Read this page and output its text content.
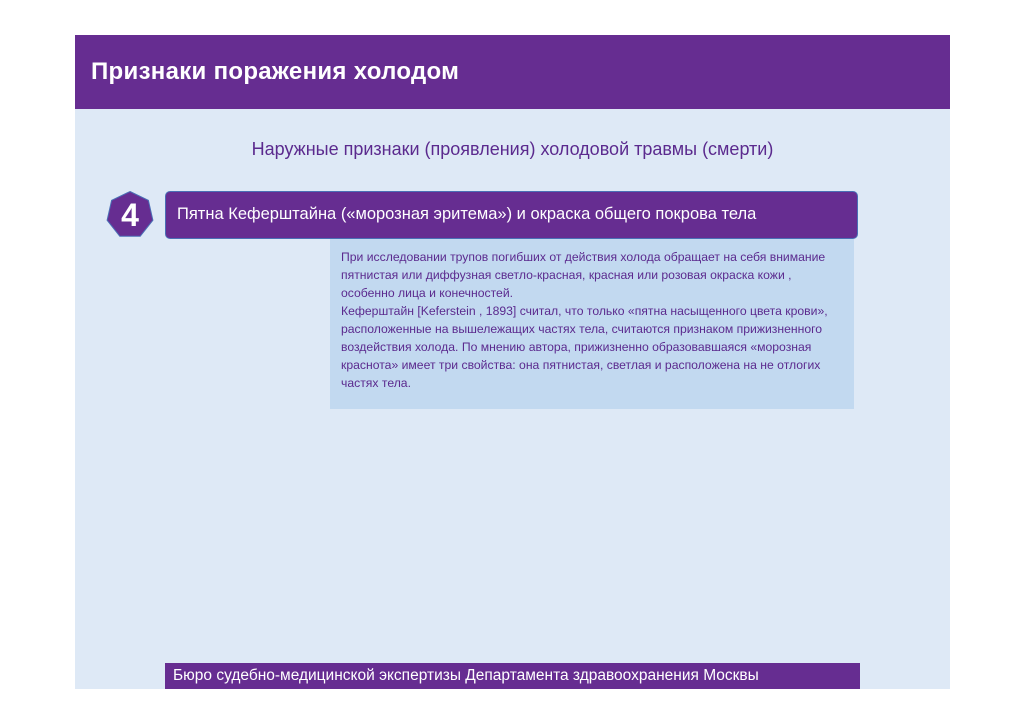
Признаки поражения холодом
Наружные признаки (проявления) холодовой травмы (смерти)
4	Пятна Кеферштайна («морозная эритема») и окраска общего покрова тела

При исследовании трупов погибших от действия холода обращает на себя внимание пятнистая или диффузная светло-красная, красная или розовая окраска кожи , особенно лица и конечностей.

Кеферштайн [Keferstein , 1893] считал, что только «пятна насыщенного цвета крови», расположенные на вышележащих частях тела, считаются признаком прижизненного воздействия холода. По мнению автора, прижизненно образовавшаяся «морозная краснота» имеет три свойства: она пятнистая, светлая и расположена на не отлогих частях тела.

Бюро судебно-медицинской экспертизы Департамента здравоохранения Москвы
